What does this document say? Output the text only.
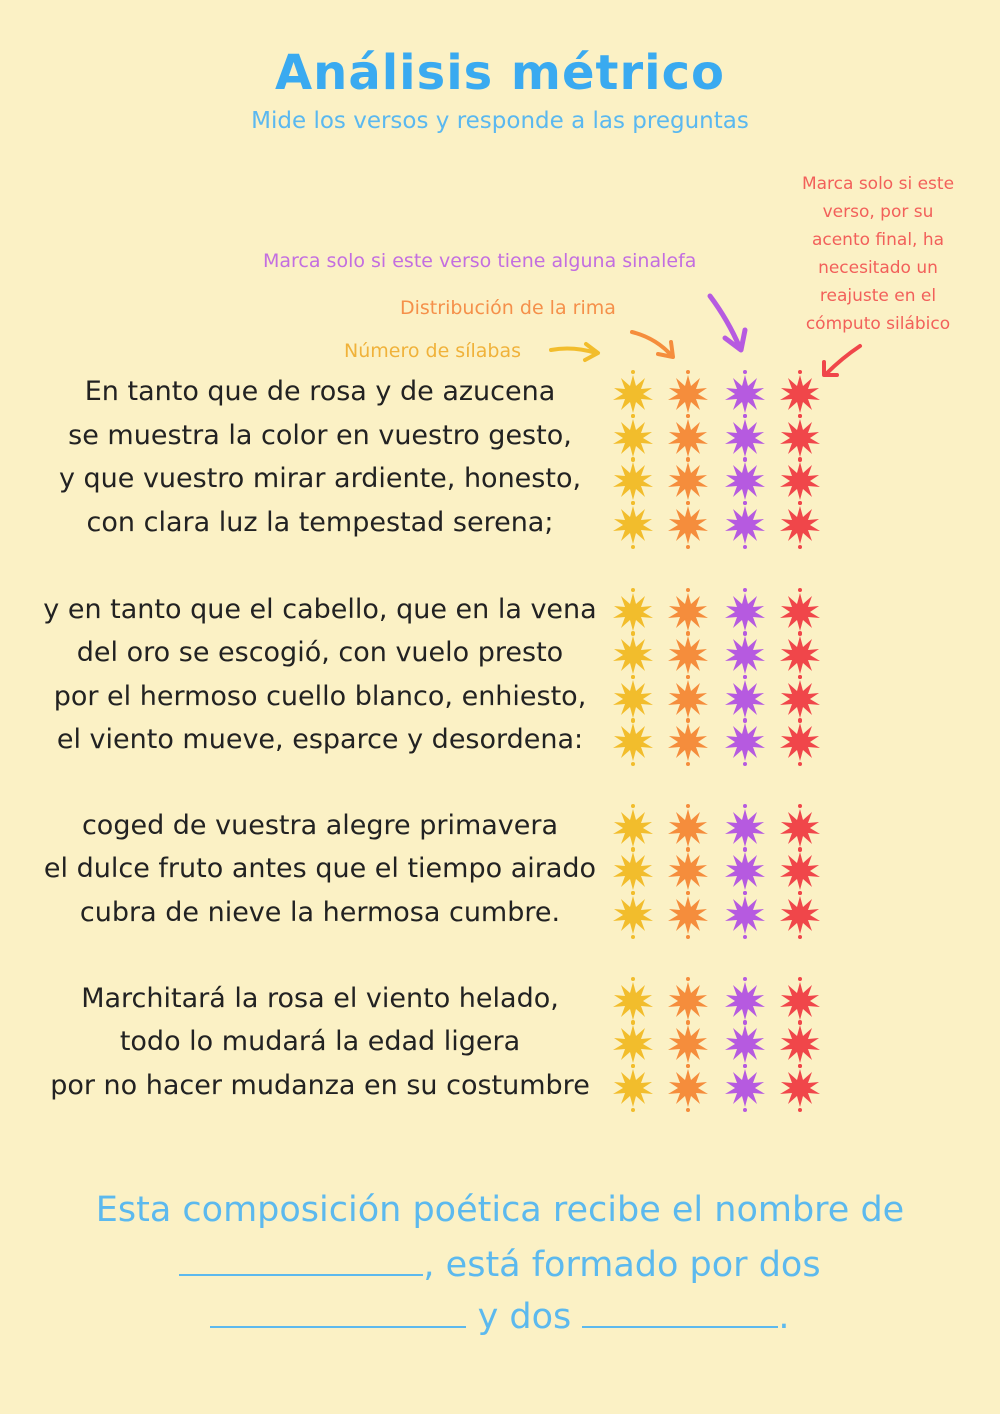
Análisis métrico
Mide los versos y responde a las preguntas
Marca solo si este verso tiene alguna sinalefa
Distribución de la rima
Número de sílabas
Marca solo si este
verso, por su
acento final, ha
necesitado un
reajuste en el
cómputo silábico
En tanto que de rosa y de azucena
se muestra la color en vuestro gesto,
y que vuestro mirar ardiente, honesto,
con clara luz la tempestad serena;
y en tanto que el cabello, que en la vena
del oro se escogió, con vuelo presto
por el hermoso cuello blanco, enhiesto,
el viento mueve, esparce y desordena:
coged de vuestra alegre primavera
el dulce fruto antes que el tiempo airado
cubra de nieve la hermosa cumbre.
Marchitará la rosa el viento helado,
todo lo mudará la edad ligera
por no hacer mudanza en su costumbre
Esta composición poética recibe el nombre de
, está formado por dos
y dos	.
